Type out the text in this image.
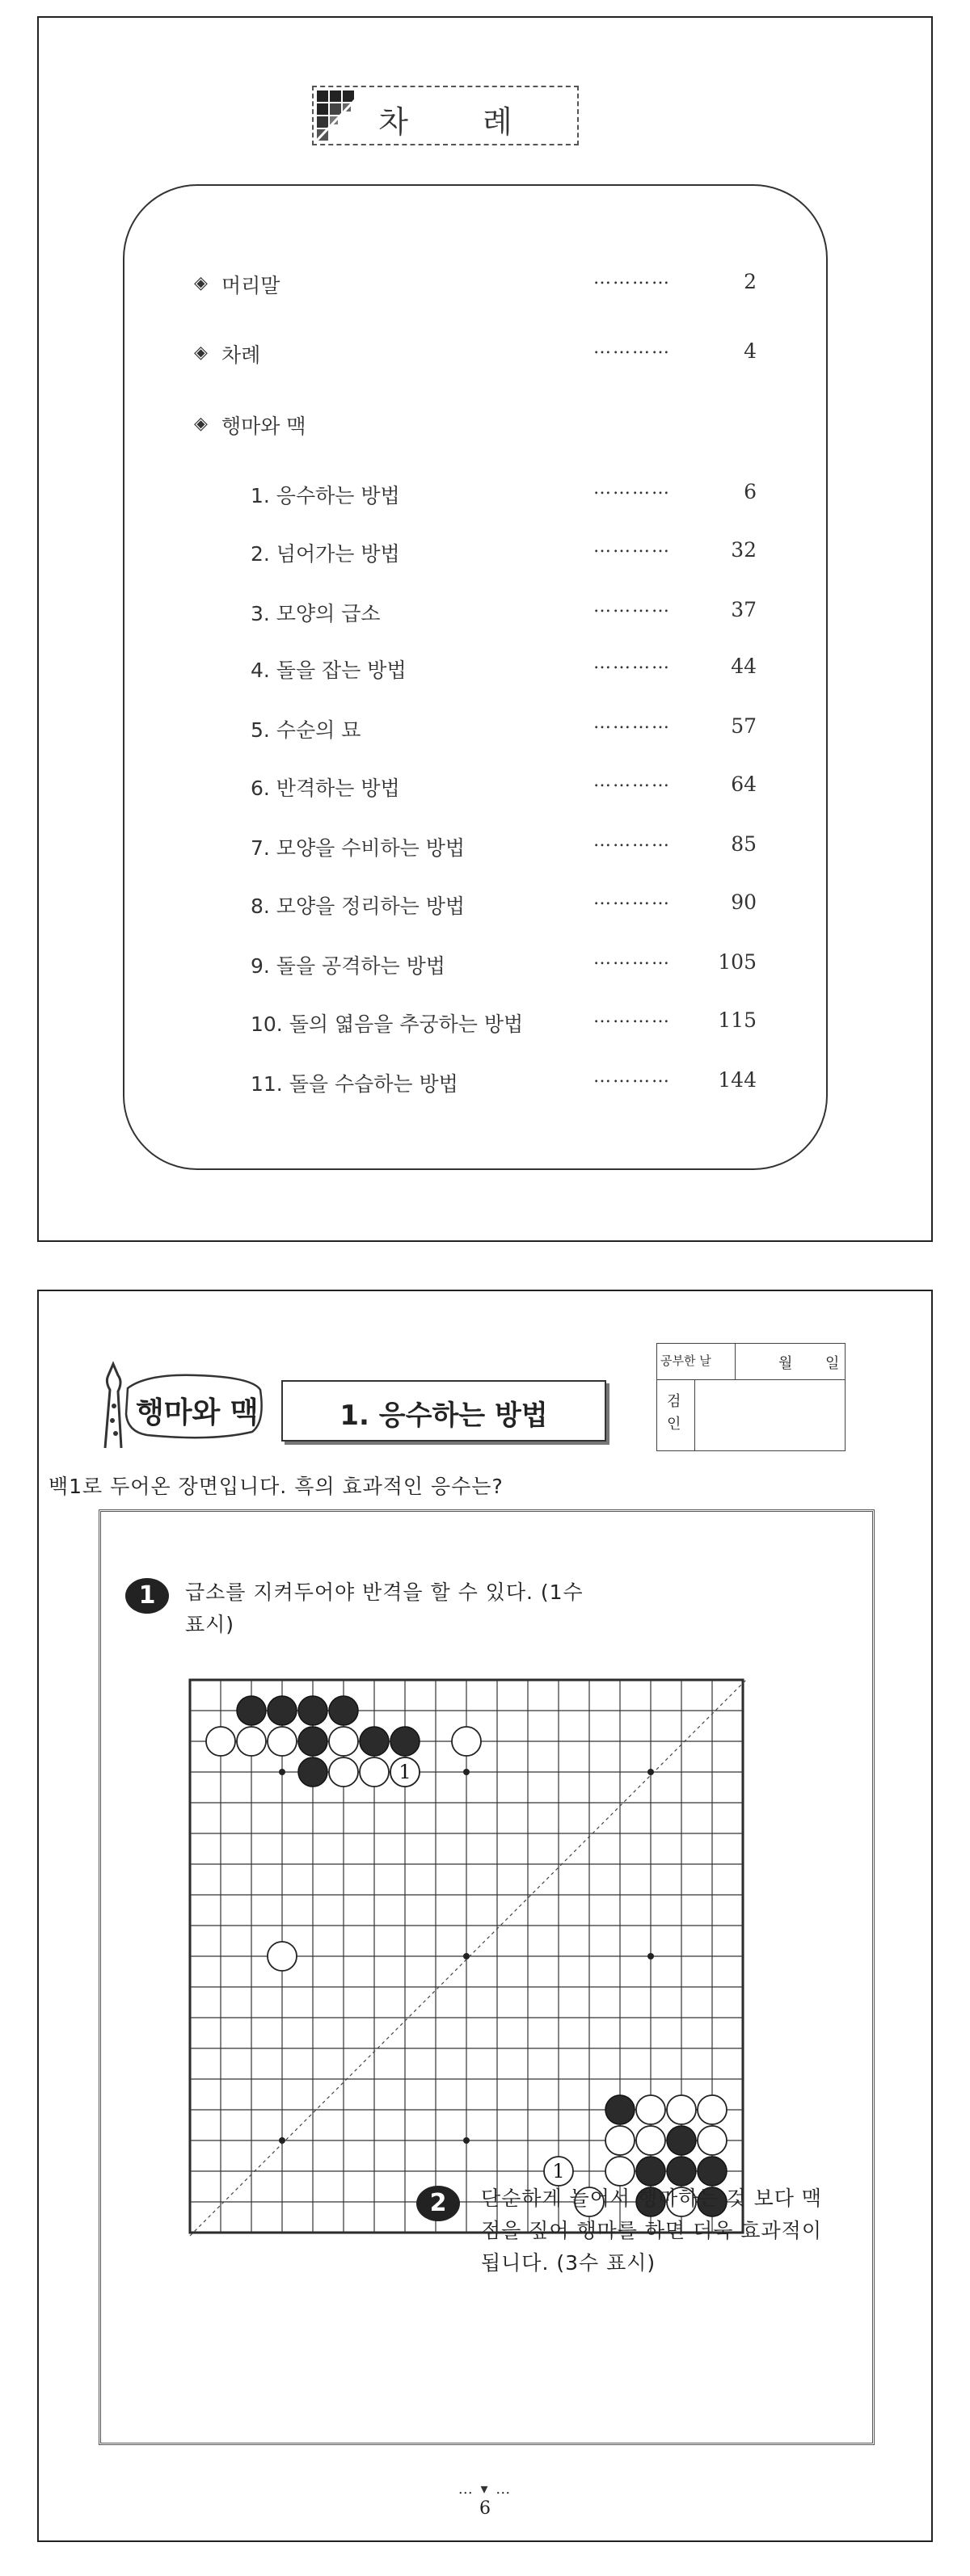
차 례
◈ 머리말	…………	2
◈ 차례	…………	4
◈ 행마와 맥
1. 응수하는 방법	…………	6
2. 넘어가는 방법	…………	32
3. 모양의 급소	…………	37
4. 돌을 잡는 방법	…………	44
5. 수순의 묘	…………	57
6. 반격하는 방법	…………	64
7. 모양을 수비하는 방법	…………	85
8. 모양을 정리하는 방법	…………	90
9. 돌을 공격하는 방법	………… 105
10. 돌의 엷음을 추궁하는 방법	………… 115
11. 돌을 수습하는 방법	………… 144
행마와 맥	1. 응수하는 방법
공부한 날	월 일
검 인
백1로 두어온 장면입니다. 흑의 효과적인 응수는?
1	급소를 지켜두어야 반격을 할 수 있다. (1수 표시)
1
1
2	단순하게 늘어서 행마하는 것 보다 맥점을 짚어 행마를 하면 더욱 효과적이 됩니다. (3수 표시)
… ▾ …
6
